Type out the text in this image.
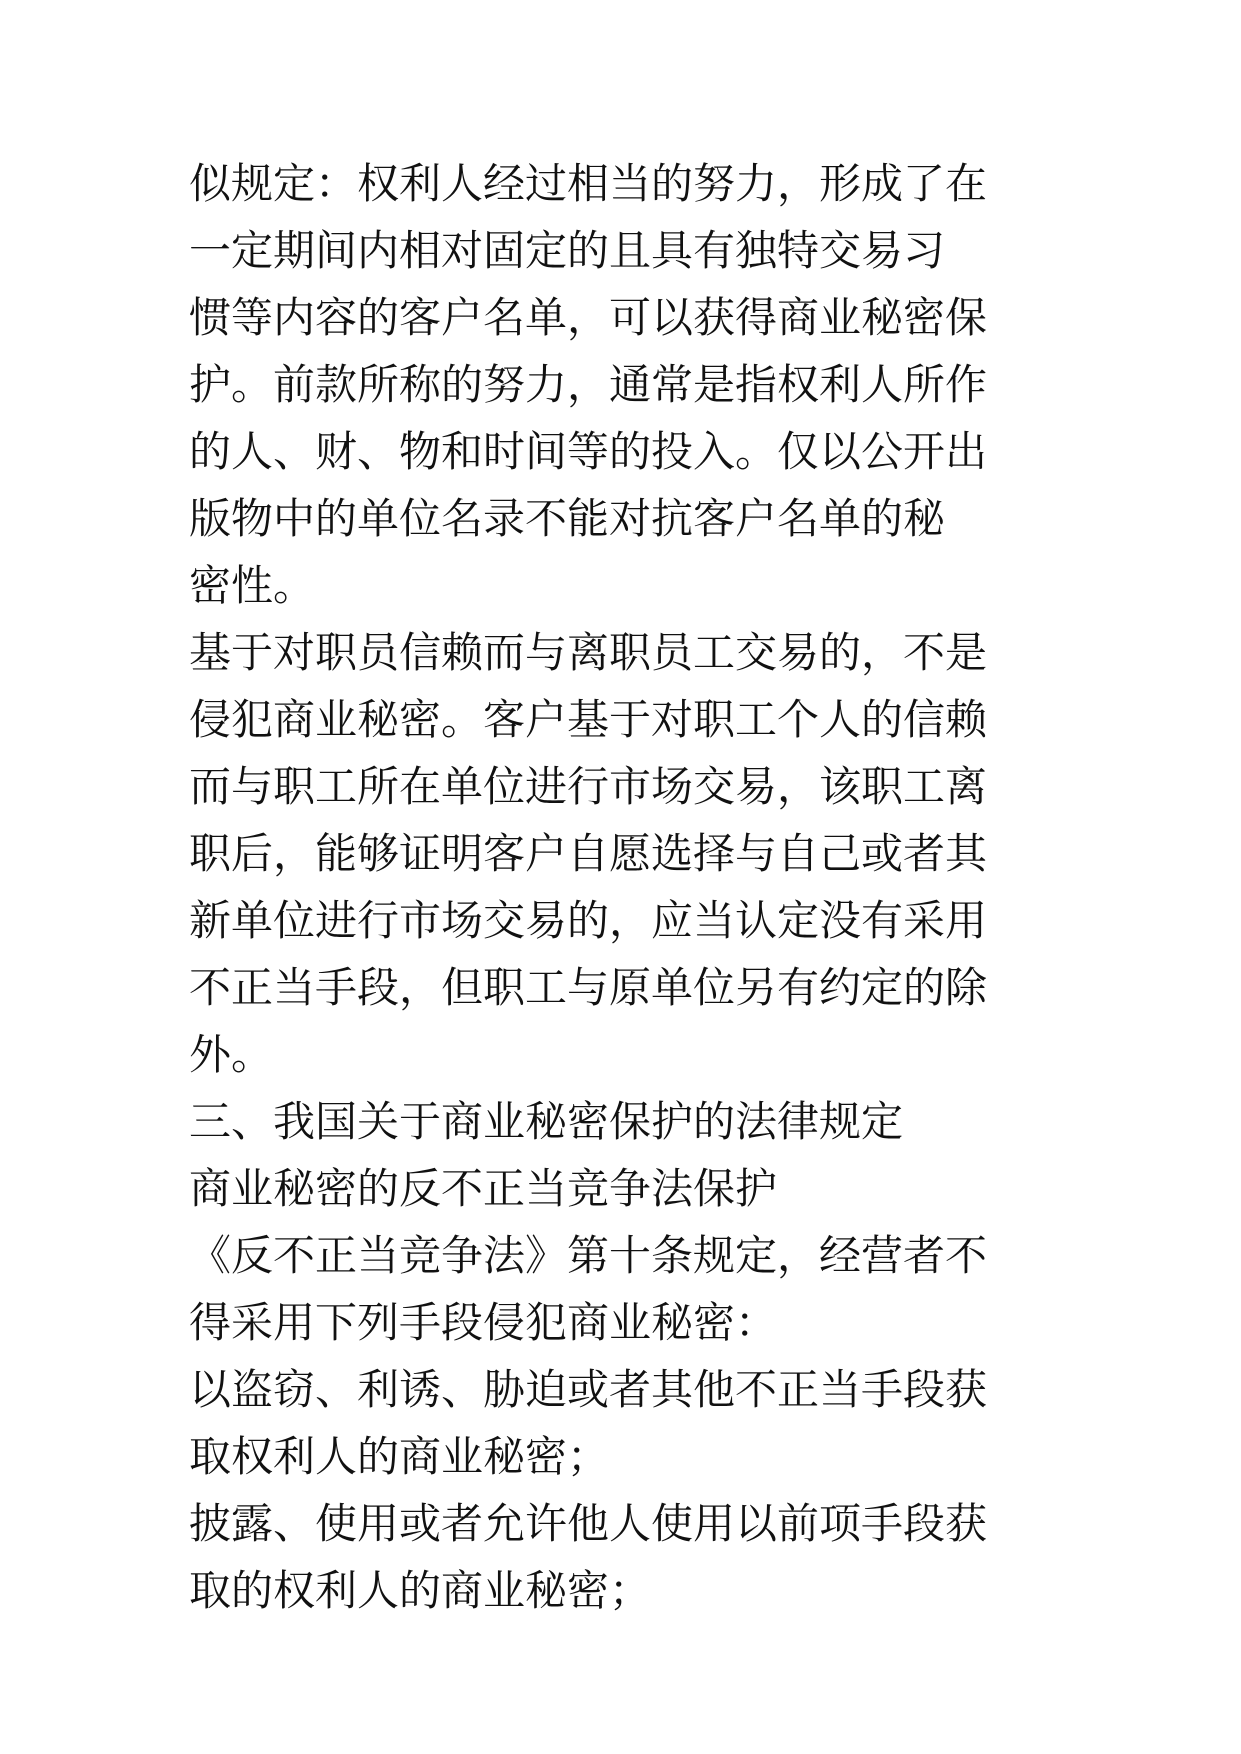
似规定：权利人经过相当的努力，形成了在
一定期间内相对固定的且具有独特交易习
惯等内容的客户名单，可以获得商业秘密保
护。前款所称的努力，通常是指权利人所作
的人、财、物和时间等的投入。仅以公开出
版物中的单位名录不能对抗客户名单的秘
密性。
基于对职员信赖而与离职员工交易的，不是
侵犯商业秘密。客户基于对职工个人的信赖
而与职工所在单位进行市场交易，该职工离
职后，能够证明客户自愿选择与自己或者其
新单位进行市场交易的，应当认定没有采用
不正当手段，但职工与原单位另有约定的除
外。
三、我国关于商业秘密保护的法律规定
商业秘密的反不正当竞争法保护
《反不正当竞争法》第十条规定，经营者不
得采用下列手段侵犯商业秘密：
以盗窃、利诱、胁迫或者其他不正当手段获
取权利人的商业秘密；
披露、使用或者允许他人使用以前项手段获
取的权利人的商业秘密；
